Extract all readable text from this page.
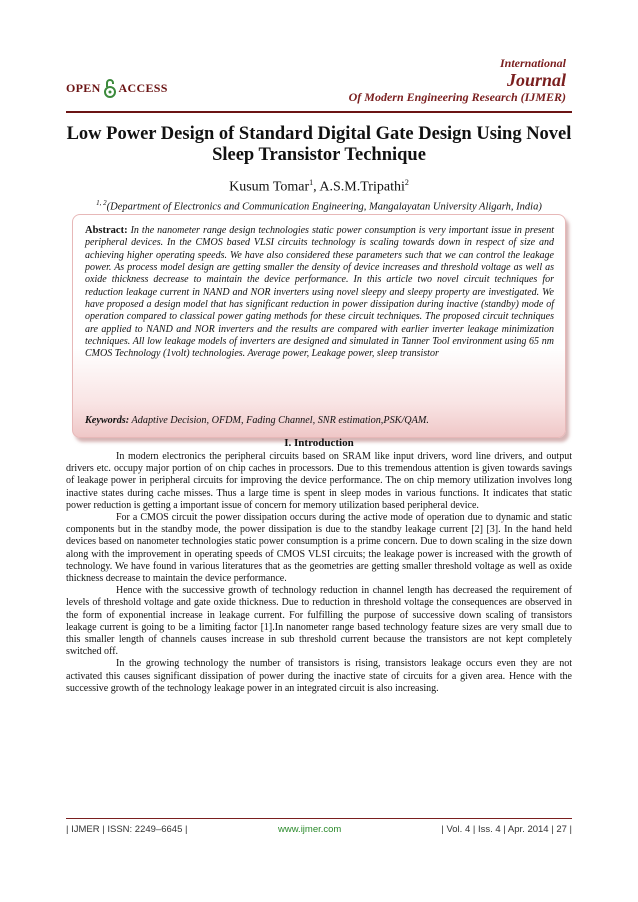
OPEN ACCESS
International
Journal
Of Modern Engineering Research (IJMER)
Low Power Design of Standard Digital Gate Design Using Novel Sleep Transistor Technique
Kusum Tomar$^1$, A.S.M.Tripathi$^2$
$^{1, 2}$(Department of Electronics and Communication Engineering, Mangalayatan University Aligarh, India)
Abstract: In the nanometer range design technologies static power consumption is very important issue in present peripheral devices. In the CMOS based VLSI circuits technology is scaling towards down in respect of size and achieving higher operating speeds. We have also considered these parameters such that we can control the leakage power. As process model design are getting smaller the density of device increases and threshold voltage as well as oxide thickness decrease to maintain the device performance. In this article two novel circuit techniques for reduction leakage current in NAND and NOR inverters using novel sleepy and sleepy property are investigated. We have proposed a design model that has significant reduction in power dissipation during inactive (standby) mode of operation compared to classical power gating methods for these circuit techniques. The proposed circuit techniques are applied to NAND and NOR inverters and the results are compared with earlier inverter leakage minimization techniques. All low leakage models of inverters are designed and simulated in Tanner Tool environment using 65 nm CMOS Technology (1volt) technologies. Average power, Leakage power, sleep transistor
Keywords: Adaptive Decision, OFDM, Fading Channel, SNR estimation,PSK/QAM.
I. Introduction

In modern electronics the peripheral circuits based on SRAM like input drivers, word line drivers, and output drivers etc. occupy major portion of on chip caches in processors. Due to this tremendous attention is given towards savings of leakage power in peripheral circuits for improving the device performance. The on chip memory utilization involves long inactive states during cache misses. Thus a large time is spent in sleep modes in various functions. It indicates that static power reduction is getting a important issue of concern for memory utilization based peripheral device.

For a CMOS circuit the power dissipation occurs during the active mode of operation due to dynamic and static components but in the standby mode, the power dissipation is due to the standby leakage current [2] [3]. In the hand held devices based on nanometer technologies static power consumption is a prime concern. Due to down scaling in the size down along with the improvement in operating speeds of CMOS VLSI circuits; the leakage power is increased with the growth of technology. We have found in various literatures that as the geometries are getting smaller threshold voltage as well as oxide thickness decrease to maintain the device performance.

Hence with the successive growth of technology reduction in channel length has decreased the requirement of levels of threshold voltage and gate oxide thickness. Due to reduction in threshold voltage the consequences are observed in the form of exponential increase in leakage current. For fulfilling the purpose of successive down scaling of transistors leakage current is going to be a limiting factor [1].In nanometer range based technology feature sizes are very small due to this smaller length of channels causes increase in sub threshold current because the transistors are not kept completely switched off.

In the growing technology the number of transistors is rising, transistors leakage occurs even they are not activated this causes significant dissipation of power during the inactive state of circuits for a given area. Hence with the successive growth of the technology leakage power in an integrated circuit is also increasing.

| IJMER | ISSN: 2249–6645 |	www.ijmer.com	| Vol. 4 | Iss. 4 | Apr. 2014 | 27 |
